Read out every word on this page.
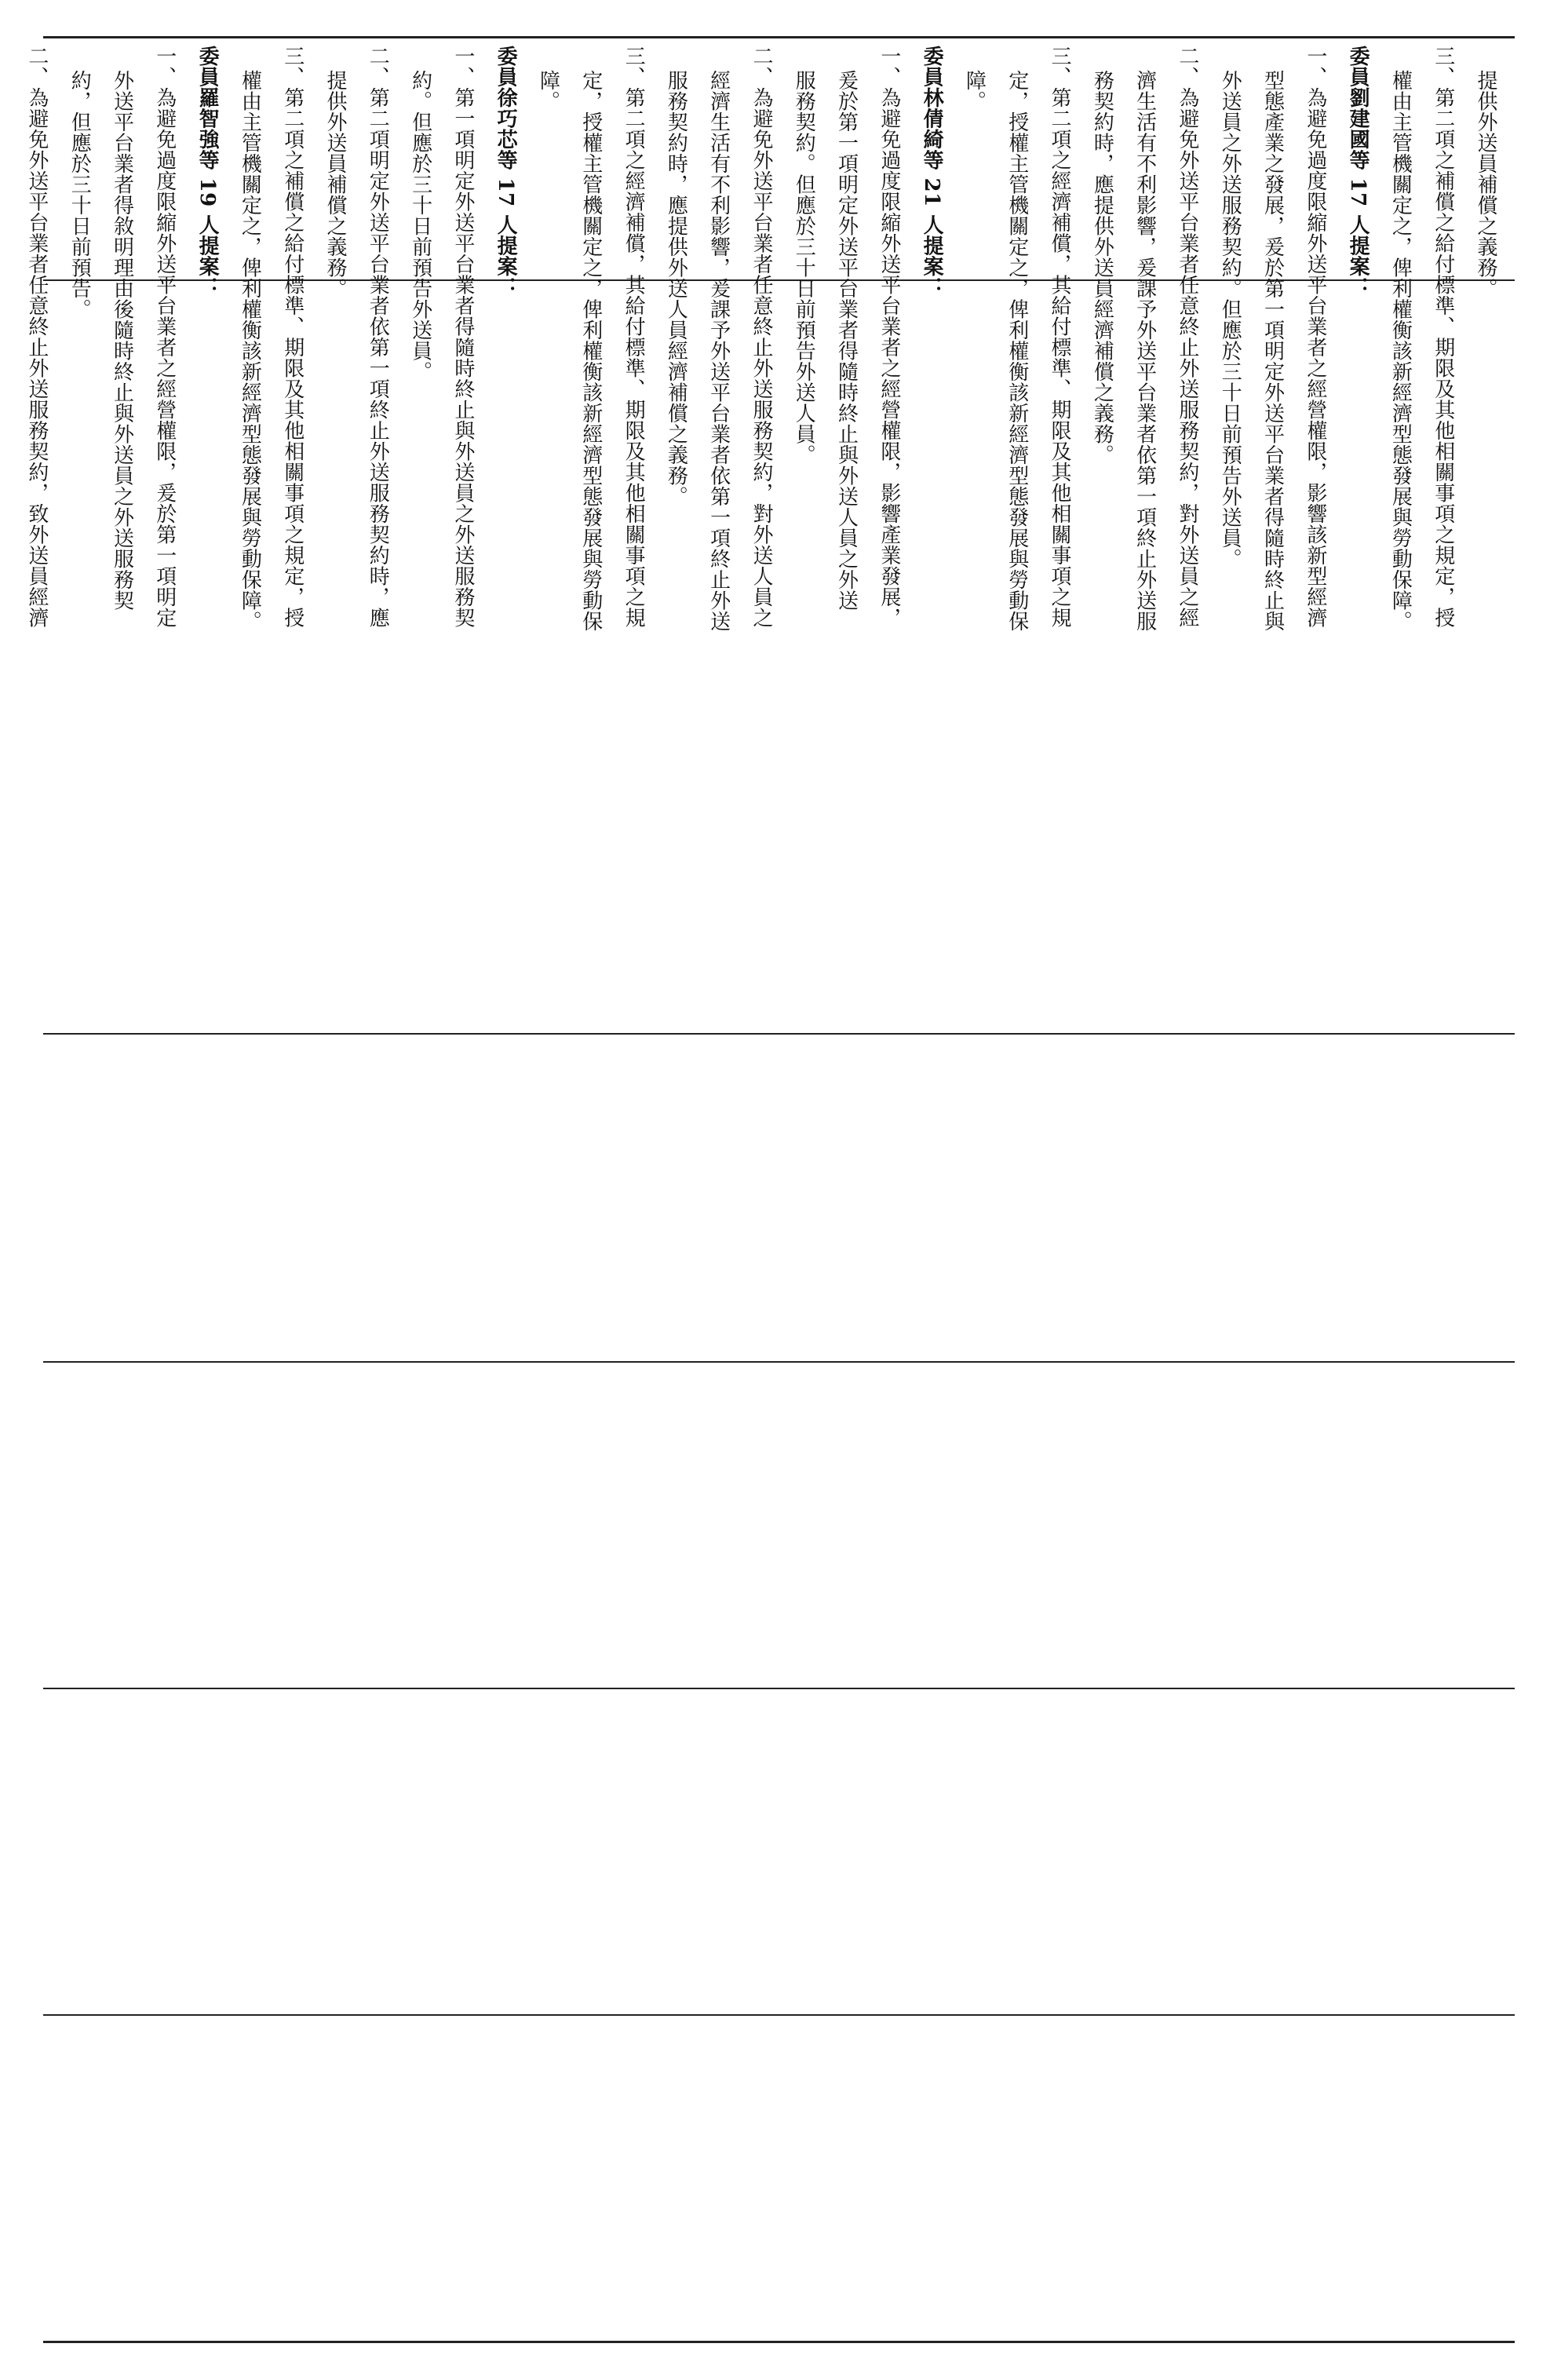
提供外送員補償之義務。

三、第二項之補償之給付標準、期限及其他相關事項之規定，授

權由主管機關定之，俾利權衡該新經濟型態發展與勞動保障。

委員劉建國等 17 人提案：

一、為避免過度限縮外送平台業者之經營權限，影響該新型經濟

型態產業之發展，爰於第一項明定外送平台業者得隨時終止與

外送員之外送服務契約。但應於三十日前預告外送員。

二、為避免外送平台業者任意終止外送服務契約，對外送員之經

濟生活有不利影響，爰課予外送平台業者依第一項終止外送服

務契約時，應提供外送員經濟補償之義務。

三、第二項之經濟補償，其給付標準、期限及其他相關事項之規

定，授權主管機關定之，俾利權衡該新經濟型態發展與勞動保

障。

委員林倩綺等 21 人提案：

一、為避免過度限縮外送平台業者之經營權限，影響產業發展，

爰於第一項明定外送平台業者得隨時終止與外送人員之外送

服務契約。但應於三十日前預告外送人員。

二、為避免外送平台業者任意終止外送服務契約，對外送人員之

經濟生活有不利影響，爰課予外送平台業者依第一項終止外送

服務契約時，應提供外送人員經濟補償之義務。

三、第二項之經濟補償，其給付標準、期限及其他相關事項之規

定，授權主管機關定之，俾利權衡該新經濟型態發展與勞動保

障。

委員徐巧芯等 17 人提案：

一、第一項明定外送平台業者得隨時終止與外送員之外送服務契

約。但應於三十日前預告外送員。

二、第二項明定外送平台業者依第一項終止外送服務契約時，應

提供外送員補償之義務。

三、第二項之補償之給付標準、期限及其他相關事項之規定，授

權由主管機關定之，俾利權衡該新經濟型態發展與勞動保障。

委員羅智強等 19 人提案：

一、為避免過度限縮外送平台業者之經營權限，爰於第一項明定

外送平台業者得敘明理由後隨時終止與外送員之外送服務契

約，但應於三十日前預告。

二、為避免外送平台業者任意終止外送服務契約，致外送員經濟
